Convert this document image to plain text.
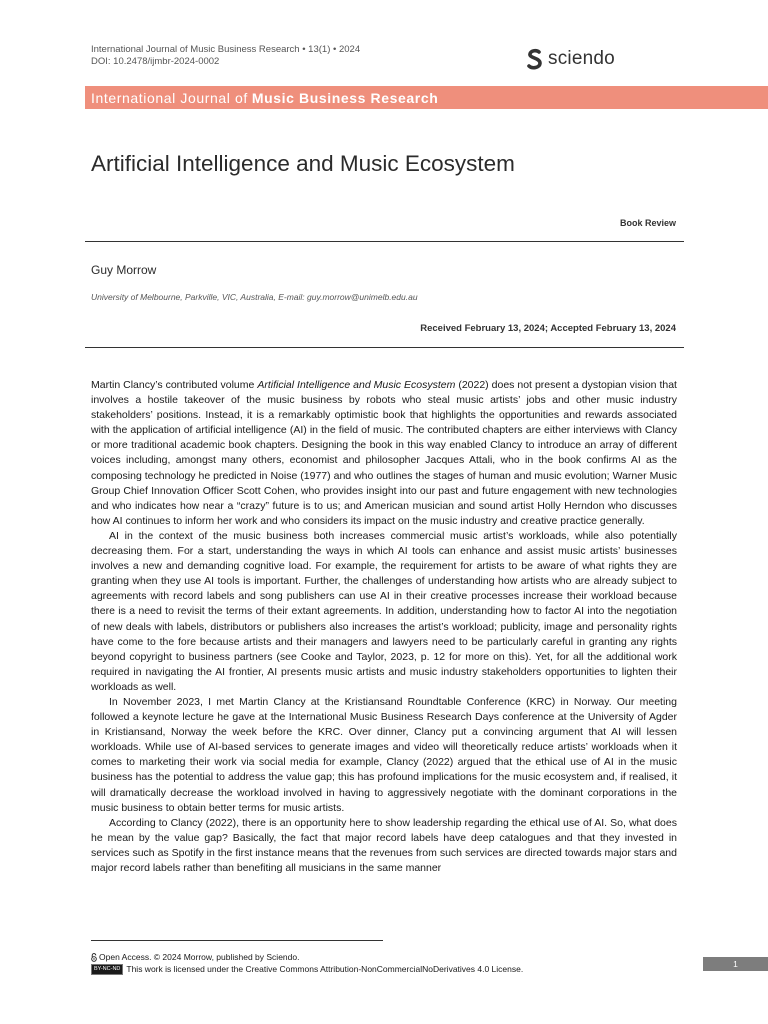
International Journal of Music Business Research • 13(1) • 2024
DOI: 10.2478/ijmbr-2024-0002	sciendo
International Journal of Music Business Research
Artificial Intelligence and Music Ecosystem
Book Review
Guy Morrow
University of Melbourne, Parkville, VIC, Australia, E-mail: guy.morrow@unimelb.edu.au
Received February 13, 2024; Accepted February 13, 2024

Martin Clancy’s contributed volume Artificial Intelligence and Music Ecosystem (2022) does not present a dystopian vision that involves a hostile takeover of the music business by robots who steal music artists’ jobs and other music industry stakeholders’ positions. Instead, it is a remarkably optimistic book that highlights the opportunities and rewards associated with the application of artificial intelligence (AI) in the field of music. The contributed chapters are either interviews with Clancy or more traditional academic book chapters. Designing the book in this way enabled Clancy to introduce an array of different voices including, amongst many others, economist and philosopher Jacques Attali, who in the book confirms AI as the composing technology he predicted in Noise (1977) and who outlines the stages of human and music evolution; Warner Music Group Chief Innovation Officer Scott Cohen, who provides insight into our past and future engagement with new technologies and who indicates how near a “crazy” future is to us; and American musician and sound artist Holly Herndon who discusses how AI continues to inform her work and who considers its impact on the music industry and creative practice generally.

AI in the context of the music business both increases commercial music artist’s workloads, while also potentially decreasing them. For a start, understanding the ways in which AI tools can enhance and assist music artists’ businesses involves a new and demanding cognitive load. For example, the requirement for artists to be aware of what rights they are granting when they use AI tools is important. Further, the challenges of understanding how artists who are already subject to agreements with record labels and song publishers can use AI in their creative processes increase their workload because there is a need to revisit the terms of their extant agreements. In addition, understanding how to factor AI into the negotiation of new deals with labels, distributors or publishers also increases the artist’s workload; publicity, image and personality rights have come to the fore because artists and their managers and lawyers need to be particularly careful in granting any rights beyond copyright to business partners (see Cooke and Taylor, 2023, p. 12 for more on this). Yet, for all the additional work required in navigating the AI frontier, AI presents music artists and music industry stakeholders opportunities to lighten their workloads as well.

In November 2023, I met Martin Clancy at the Kristiansand Roundtable Conference (KRC) in Norway. Our meeting followed a keynote lecture he gave at the International Music Business Research Days conference at the University of Agder in Kristiansand, Norway the week before the KRC. Over dinner, Clancy put a convincing argument that AI will lessen workloads. While use of AI-based services to generate images and video will theoretically reduce artists’ workloads when it comes to marketing their work via social media for example, Clancy (2022) argued that the ethical use of AI in the music business has the potential to address the value gap; this has profound implications for the music ecosystem and, if realised, it will dramatically decrease the workload involved in having to aggressively negotiate with the dominant corporations in the music business to obtain better terms for music artists.

According to Clancy (2022), there is an opportunity here to show leadership regarding the ethical use of AI. So, what does he mean by the value gap? Basically, the fact that major record labels have deep catalogues and that they invested in services such as Spotify in the first instance means that the revenues from such services are directed towards major stars and major record labels rather than benefiting all musicians in the same manner

Open Access. © 2024 Morrow, published by Sciendo.
BY-NC-ND This work is licensed under the Creative Commons Attribution-NonCommercialNoDerivatives 4.0 License.	1
